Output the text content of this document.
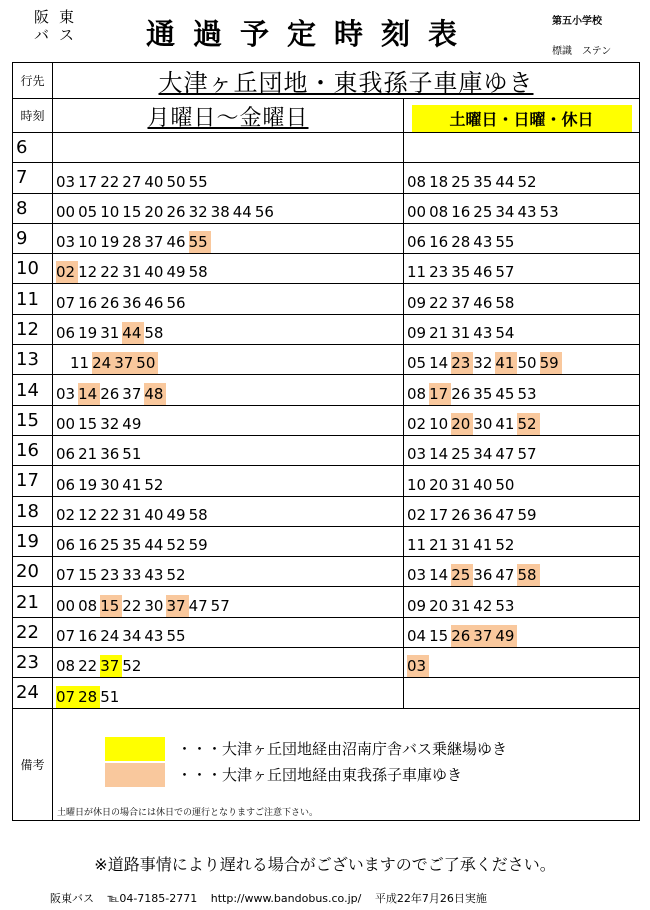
阪東
バス	通過予定時刻表	第五小学校
標識　ステン
行先	大津ヶ丘団地・東我孫子車庫ゆき	
時刻	月曜日〜金曜日	土曜日・日曜・休日
6		
7	03 17 22 27 40 50 55	08 18 25 35 44 52
8	00 05 10 15 20 26 32 38 44 56	00 08 16 25 34 43 53
9	03 10 19 28 37 46 55	06 16 28 43 55
10	02 12 22 31 40 49 58	11 23 35 46 57
11	07 16 26 36 46 56	09 22 37 46 58
12	06 19 31 44 58	09 21 31 43 54
13	11 24 37 50	05 14 23 32 41 50 59
14	03 14 26 37 48	08 17 26 35 45 53
15	00 15 32 49	02 10 20 30 41 52
16	06 21 36 51	03 14 25 34 47 57
17	06 19 30 41 52	10 20 31 40 50
18	02 12 22 31 40 49 58	02 17 26 36 47 59
19	06 16 25 35 44 52 59	11 21 31 41 52
20	07 15 23 33 43 52	03 14 25 36 47 58
21	00 08 15 22 30 37 47 57	09 20 31 42 53
22	07 16 24 34 43 55	04 15 26 37 49
23	08 22 37 52	03
24	07 28 51	
備考	・・・大津ヶ丘団地経由沼南庁舎バス乗継場ゆき
・・・大津ヶ丘団地経由東我孫子車庫ゆき
土曜日が休日の場合には休日での運行となりますご注意下さい。	
※道路事情により遅れる場合がございますのでご了承ください。
阪東バス ℡04-7185-2771 http://www.bandobus.co.jp/ 平成22年7月26日実施
